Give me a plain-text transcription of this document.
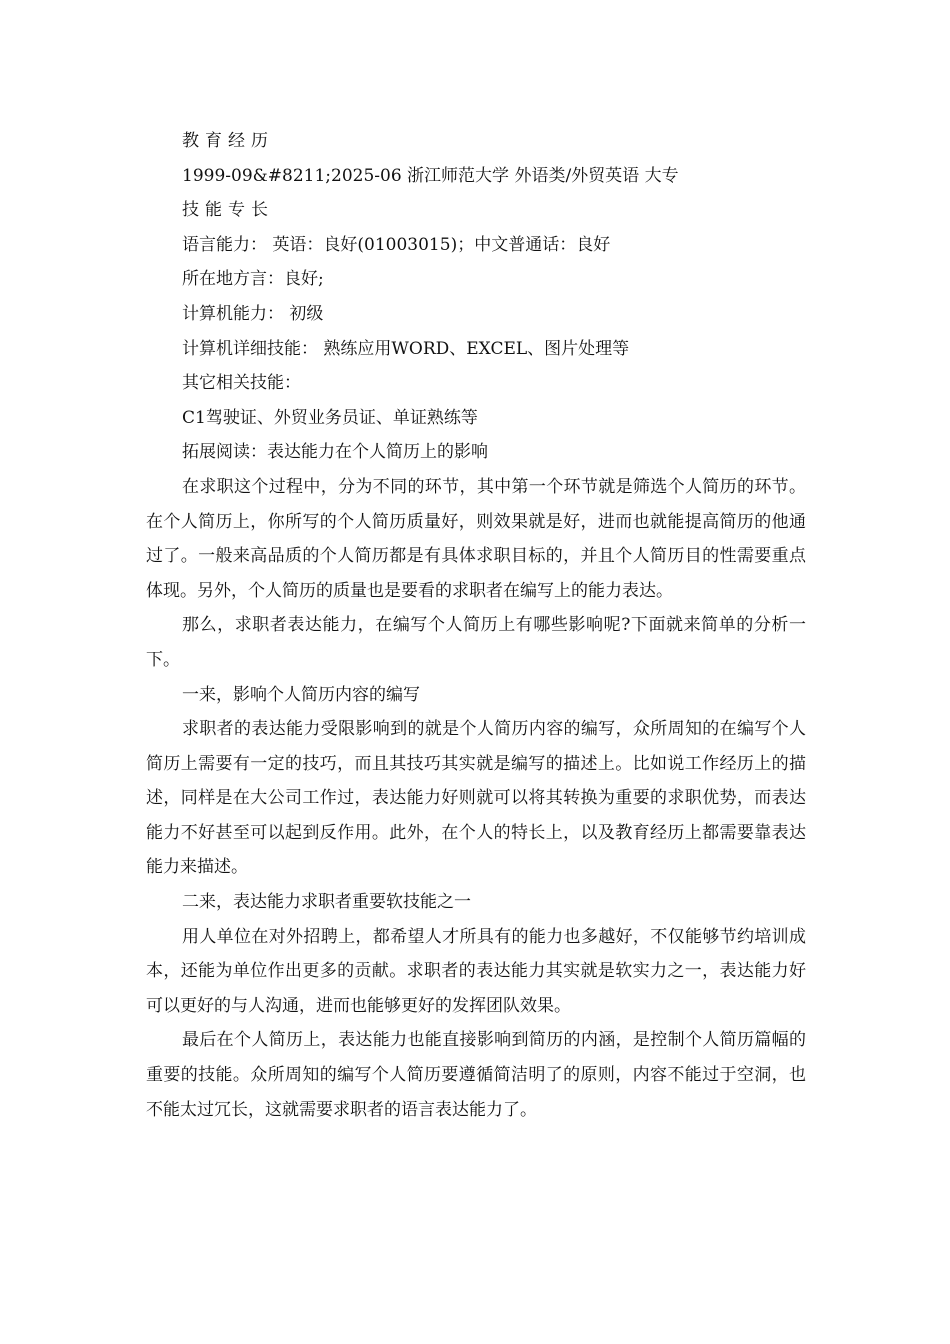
教育经历

1999-09&#8211;2025-06 浙江师范大学 外语类/外贸英语 大专

技能专长

语言能力： 英语：良好(01003015)；中文普通话：良好

所在地方言：良好;

计算机能力： 初级

计算机详细技能： 熟练应用WORD、EXCEL、图片处理等

其它相关技能：

C1驾驶证、外贸业务员证、单证熟练等

拓展阅读：表达能力在个人简历上的影响

在求职这个过程中，分为不同的环节，其中第一个环节就是筛选个人简历的环节。在个人简历上，你所写的个人简历质量好，则效果就是好，进而也就能提高简历的他通过了。一般来高品质的个人简历都是有具体求职目标的，并且个人简历目的性需要重点体现。另外，个人简历的质量也是要看的求职者在编写上的能力表达。

那么，求职者表达能力，在编写个人简历上有哪些影响呢?下面就来简单的分析一下。

一来，影响个人简历内容的编写

求职者的表达能力受限影响到的就是个人简历内容的编写，众所周知的在编写个人简历上需要有一定的技巧，而且其技巧其实就是编写的描述上。比如说工作经历上的描述，同样是在大公司工作过，表达能力好则就可以将其转换为重要的求职优势，而表达能力不好甚至可以起到反作用。此外，在个人的特长上，以及教育经历上都需要靠表达能力来描述。

二来，表达能力求职者重要软技能之一

用人单位在对外招聘上，都希望人才所具有的能力也多越好，不仅能够节约培训成本，还能为单位作出更多的贡献。求职者的表达能力其实就是软实力之一，表达能力好可以更好的与人沟通，进而也能够更好的发挥团队效果。

最后在个人简历上，表达能力也能直接影响到简历的内涵，是控制个人简历篇幅的重要的技能。众所周知的编写个人简历要遵循简洁明了的原则，内容不能过于空洞，也不能太过冗长，这就需要求职者的语言表达能力了。
